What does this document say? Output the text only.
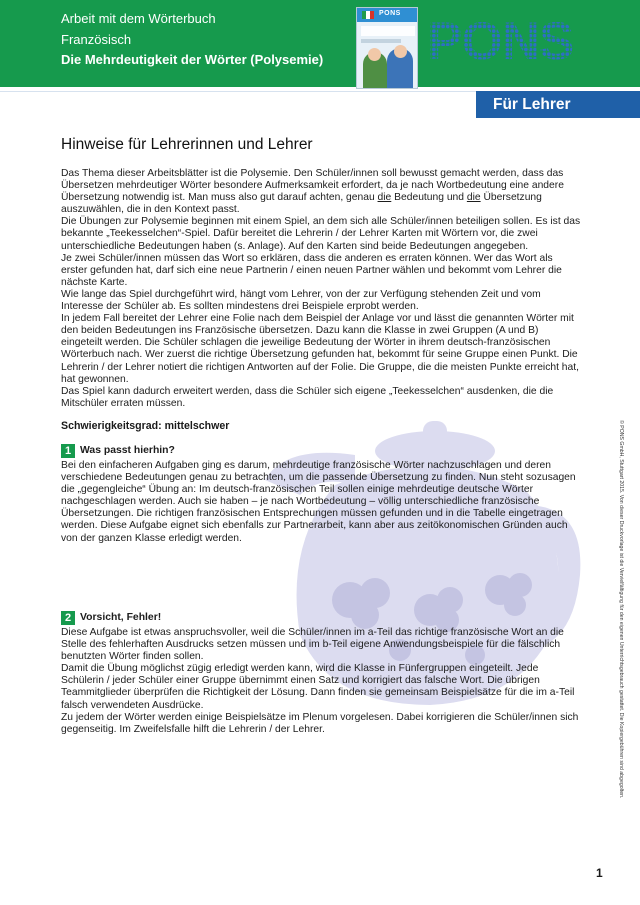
Arbeit mit dem Wörterbuch
Französisch
Die Mehrdeutigkeit der Wörter (Polysemie)
PONS PONS
Für Lehrer
Hinweise für Lehrerinnen und Lehrer

Das Thema dieser Arbeitsblätter ist die Polysemie. Den Schüler/innen soll bewusst gemacht werden, dass das Übersetzen mehrdeutiger Wörter besondere Aufmerksamkeit erfordert, da je nach Wortbedeutung eine andere Übersetzung notwendig ist. Man muss also gut darauf achten, genau die Bedeutung und die Übersetzung auszuwählen, die in den Kontext passt.

Die Übungen zur Polysemie beginnen mit einem Spiel, an dem sich alle Schüler/innen beteiligen sollen. Es ist das bekannte „Teekesselchen“-Spiel. Dafür bereitet die Lehrerin / der Lehrer Karten mit Wörtern vor, die zwei unterschiedliche Bedeutungen haben (s. Anlage). Auf den Karten sind beide Bedeutungen angegeben.

Je zwei Schüler/innen müssen das Wort so erklären, dass die anderen es erraten können. Wer das Wort als erster gefunden hat, darf sich eine neue Partnerin / einen neuen Partner wählen und bekommt vom Lehrer die nächste Karte.

Wie lange das Spiel durchgeführt wird, hängt vom Lehrer, von der zur Verfügung stehenden Zeit und vom Interesse der Schüler ab. Es sollten mindestens drei Beispiele erprobt werden.

In jedem Fall bereitet der Lehrer eine Folie nach dem Beispiel der Anlage vor und lässt die genannten Wörter mit den beiden Bedeutungen ins Französische übersetzen. Dazu kann die Klasse in zwei Gruppen (A und B) eingeteilt werden. Die Schüler schlagen die jeweilige Bedeutung der Wörter in ihrem deutsch-französischen Wörterbuch nach. Wer zuerst die richtige Übersetzung gefunden hat, bekommt für seine Gruppe einen Punkt. Die Lehrerin / der Lehrer notiert die richtigen Antworten auf der Folie. Die Gruppe, die die meisten Punkte erreicht hat, hat gewonnen.

Das Spiel kann dadurch erweitert werden, dass die Schüler sich eigene „Teekesselchen“ ausdenken, die die Mitschüler erraten müssen.

Schwierigkeitsgrad: mittelschwer
1 Was passt hierhin?

Bei den einfacheren Aufgaben ging es darum, mehrdeutige französische Wörter nachzuschlagen und deren verschiedene Bedeutungen genau zu betrachten, um die passende Übersetzung zu finden. Nun steht sozusagen die „gegengleiche“ Übung an: Im deutsch-französischen Teil sollen einige mehrdeutige deutsche Wörter nachgeschlagen werden. Auch sie haben – je nach Wortbedeutung – völlig unterschiedliche französische Übersetzungen. Die richtigen französischen Entsprechungen müssen gefunden und in die Tabelle eingetragen werden. Diese Aufgabe eignet sich ebenfalls zur Partnerarbeit, kann aber aus zeitökonomischen Gründen auch von der ganzen Klasse erledigt werden.

2 Vorsicht, Fehler!

Diese Aufgabe ist etwas anspruchsvoller, weil die Schüler/innen im a-Teil das richtige französische Wort an die Stelle des fehlerhaften Ausdrucks setzen müssen und im b-Teil eigene Anwendungsbeispiele für die fälschlich benutzten Wörter finden sollen.

Damit die Übung möglichst zügig erledigt werden kann, wird die Klasse in Fünfergruppen eingeteilt. Jede Schülerin / jeder Schüler einer Gruppe übernimmt einen Satz und korrigiert das falsche Wort. Die übrigen Teammitglieder überprüfen die Richtigkeit der Lösung. Dann finden sie gemeinsam Beispielsätze für die im a-Teil falsch verwendeten Ausdrücke.

Zu jedem der Wörter werden einige Beispielsätze im Plenum vorgelesen. Dabei korrigieren die Schüler/innen sich gegenseitig. Im Zweifelsfalle hilft die Lehrerin / der Lehrer.	© PONS GmbH, Stuttgart 2015. Von dieser Druckvorlage ist die Vervielfältigung für den eigenen Unterrichtsgebrauch gestattet. Die Kopiergebühren sind abgegolten.
1
